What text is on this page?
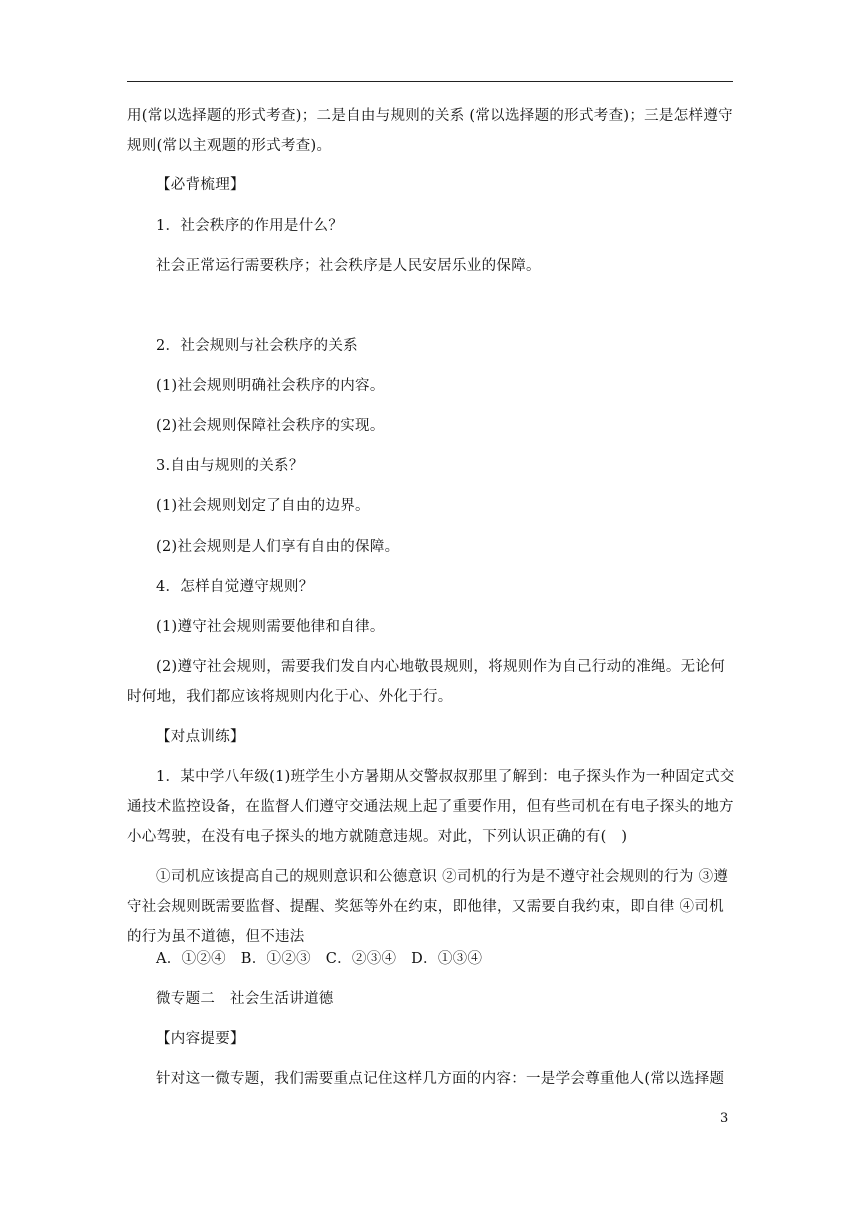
用(常以选择题的形式考查)；二是自由与规则的关系 (常以选择题的形式考查)；三是怎样遵守规则(常以主观题的形式考查)。

【必背梳理】

1．社会秩序的作用是什么？

社会正常运行需要秩序；社会秩序是人民安居乐业的保障。

2．社会规则与社会秩序的关系

(1)社会规则明确社会秩序的内容。

(2)社会规则保障社会秩序的实现。

3.自由与规则的关系？

(1)社会规则划定了自由的边界。

(2)社会规则是人们享有自由的保障。

4．怎样自觉遵守规则？

(1)遵守社会规则需要他律和自律。

(2)遵守社会规则，需要我们发自内心地敬畏规则，将规则作为自己行动的准绳。无论何时何地，我们都应该将规则内化于心、外化于行。

【对点训练】

1．某中学八年级(1)班学生小方暑期从交警叔叔那里了解到：电子探头作为一种固定式交通技术监控设备，在监督人们遵守交通法规上起了重要作用，但有些司机在有电子探头的地方小心驾驶，在没有电子探头的地方就随意违规。对此，下列认识正确的有(　)

①司机应该提高自己的规则意识和公德意识 ②司机的行为是不遵守社会规则的行为 ③遵守社会规则既需要监督、提醒、奖惩等外在约束，即他律，又需要自我约束，即自律 ④司机的行为虽不道德，但不违法

A．①②④　B．①②③　C．②③④　D．①③④

微专题二　社会生活讲道德

【内容提要】

针对这一微专题，我们需要重点记住这样几方面的内容：一是学会尊重他人(常以选择题

3
